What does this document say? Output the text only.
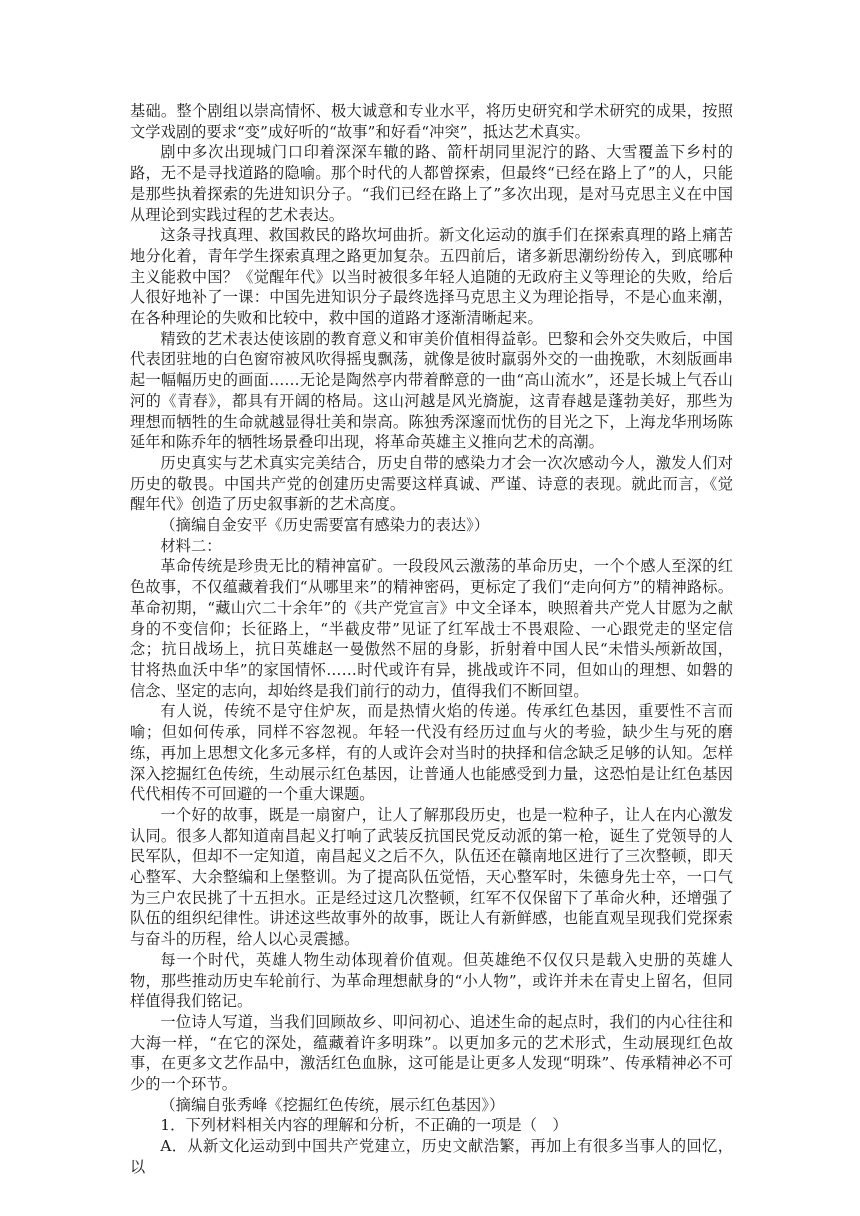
基础。整个剧组以崇高情怀、极大诚意和专业水平，将历史研究和学术研究的成果，按照文学戏剧的要求“变”成好听的“故事”和好看“冲突”，抵达艺术真实。

剧中多次出现城门口印着深深车辙的路、箭杆胡同里泥泞的路、大雪覆盖下乡村的路，无不是寻找道路的隐喻。那个时代的人都曾探索，但最终“已经在路上了”的人，只能是那些执着探索的先进知识分子。“我们已经在路上了”多次出现，是对马克思主义在中国从理论到实践过程的艺术表达。

这条寻找真理、救国救民的路坎坷曲折。新文化运动的旗手们在探索真理的路上痛苦地分化着，青年学生探索真理之路更加复杂。五四前后，诸多新思潮纷纷传入，到底哪种主义能救中国？《觉醒年代》以当时被很多年轻人追随的无政府主义等理论的失败，给后人很好地补了一课：中国先进知识分子最终选择马克思主义为理论指导，不是心血来潮，在各种理论的失败和比较中，救中国的道路才逐渐清晰起来。

精致的艺术表达使该剧的教育意义和审美价值相得益彰。巴黎和会外交失败后，中国代表团驻地的白色窗帘被风吹得摇曳飘荡，就像是彼时羸弱外交的一曲挽歌，木刻版画串起一幅幅历史的画面……无论是陶然亭内带着醉意的一曲“高山流水”，还是长城上气吞山河的《青春》，都具有开阔的格局。这山河越是风光旖旎，这青春越是蓬勃美好，那些为理想而牺牲的生命就越显得壮美和崇高。陈独秀深邃而忧伤的目光之下，上海龙华刑场陈延年和陈乔年的牺牲场景叠印出现，将革命英雄主义推向艺术的高潮。

历史真实与艺术真实完美结合，历史自带的感染力才会一次次感动今人，激发人们对历史的敬畏。中国共产党的创建历史需要这样真诚、严谨、诗意的表现。就此而言，《觉醒年代》创造了历史叙事新的艺术高度。

（摘编自金安平《历史需要富有感染力的表达》）

材料二：

革命传统是珍贵无比的精神富矿。一段段风云激荡的革命历史，一个个感人至深的红色故事，不仅蕴藏着我们“从哪里来”的精神密码，更标定了我们“走向何方”的精神路标。革命初期，“藏山穴二十余年”的《共产党宣言》中文全译本，映照着共产党人甘愿为之献身的不变信仰；长征路上，“半截皮带”见证了红军战士不畏艰险、一心跟党走的坚定信念；抗日战场上，抗日英雄赵一曼傲然不屈的身影，折射着中国人民“未惜头颅新故国，甘将热血沃中华”的家国情怀……时代或许有异，挑战或许不同，但如山的理想、如磐的信念、坚定的志向，却始终是我们前行的动力，值得我们不断回望。

有人说，传统不是守住炉灰，而是热情火焰的传递。传承红色基因，重要性不言而喻；但如何传承，同样不容忽视。年轻一代没有经历过血与火的考验，缺少生与死的磨练，再加上思想文化多元多样，有的人或许会对当时的抉择和信念缺乏足够的认知。怎样深入挖掘红色传统，生动展示红色基因，让普通人也能感受到力量，这恐怕是让红色基因代代相传不可回避的一个重大课题。

一个好的故事，既是一扇窗户，让人了解那段历史，也是一粒种子，让人在内心激发认同。很多人都知道南昌起义打响了武装反抗国民党反动派的第一枪，诞生了党领导的人民军队，但却不一定知道，南昌起义之后不久，队伍还在赣南地区进行了三次整顿，即天心整军、大余整编和上堡整训。为了提高队伍觉悟，天心整军时，朱德身先士卒，一口气为三户农民挑了十五担水。正是经过这几次整顿，红军不仅保留下了革命火种，还增强了队伍的组织纪律性。讲述这些故事外的故事，既让人有新鲜感，也能直观呈现我们党探索与奋斗的历程，给人以心灵震撼。

每一个时代，英雄人物生动体现着价值观。但英雄绝不仅仅只是载入史册的英雄人物，那些推动历史车轮前行、为革命理想献身的“小人物”，或许并未在青史上留名，但同样值得我们铭记。

一位诗人写道，当我们回顾故乡、叩问初心、追述生命的起点时，我们的内心往往和大海一样，“在它的深处，蕴藏着许多明珠”。以更加多元的艺术形式，生动展现红色故事，在更多文艺作品中，激活红色血脉，这可能是让更多人发现“明珠”、传承精神必不可少的一个环节。

（摘编自张秀峰《挖掘红色传统，展示红色基因》）

1．下列材料相关内容的理解和分析，不正确的一项是（　）

A．从新文化运动到中国共产党建立，历史文献浩繁，再加上有很多当事人的回忆，以
